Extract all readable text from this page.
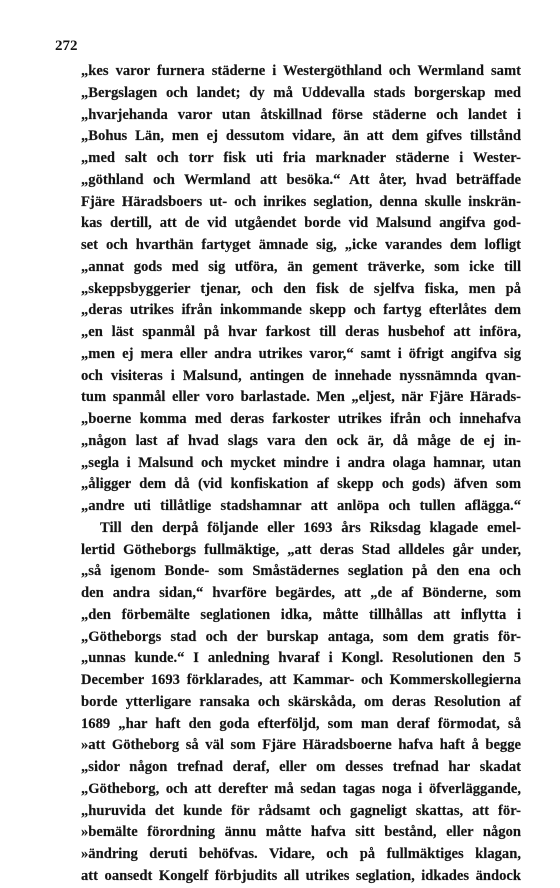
272

„kes varor furnera städerne i Westergöthland och Wermland samt
„Bergslagen och landet; dy må Uddevalla stads borgerskap med
„hvarjehanda varor utan åtskillnad förse städerne och landet i
„Bohus Län, men ej dessutom vidare, än att dem gifves tillstånd
„med salt och torr fisk uti fria marknader städerne i Wester-
„göthland och Wermland att besöka.“ Att åter, hvad beträffade
Fjäre Häradsboers ut- och inrikes seglation, denna skulle inskrän-
kas dertill, att de vid utgåendet borde vid Malsund angifva god-
set och hvarthän fartyget ämnade sig, „icke varandes dem lofligt
„annat gods med sig utföra, än gement träverke, som icke till
„skeppsbyggerier tjenar, och den fisk de sjelfva fiska, men på
„deras utrikes ifrån inkommande skepp och fartyg efterlåtes dem
„en läst spanmål på hvar farkost till deras husbehof att införa,
„men ej mera eller andra utrikes varor,“ samt i öfrigt angifva sig
och visiteras i Malsund, antingen de innehade nyssnämnda qvan-
tum spanmål eller voro barlastade. Men „eljest, när Fjäre Härads-
„boerne komma med deras farkoster utrikes ifrån och innehafva
„någon last af hvad slags vara den ock är, då måge de ej in-
„segla i Malsund och mycket mindre i andra olaga hamnar, utan
„åligger dem då (vid konfiskation af skepp och gods) äfven som
„andre uti tillåtlige stadshamnar att anlöpa och tullen afläggа.“
Till den derpå följande eller 1693 års Riksdag klagade emel-
lertid Götheborgs fullmäktige, „att deras Stad alldeles går under,
„så igenom Bonde- som Småstädernes seglation på den ena och
den andra sidan,“ hvarföre begärdes, att „de af Bönderne, som
„den förbemälte seglationen idka, måtte tillhållas att inflytta i
„Götheborgs stad och der burskap antaga, som dem gratis för-
„unnas kunde.“ I anledning hvaraf i Kongl. Resolutionen den 5
December 1693 förklarades, att Kammar- och Kommerskollegierna
borde ytterligare ransaka och skärskåda, om deras Resolution af
1689 „har haft den goda efterföljd, som man deraf förmodat, så
»att Götheborg så väl som Fjäre Häradsboerne hafva haft å begge
„sidor någon trefnad deraf, eller om desses trefnad har skadat
„Götheborg, och att derefter må sedan tagas noga i öfverläggande,
„huruvida det kunde för rådsamt och gagneligt skattas, att för-
»bemälte förordning ännu måtte hafva sitt bestånd, eller någon
»ändring deruti behöfvas. Vidare, och på fullmäktiges klagan,
att oansedt Kongelf förbjudits all utrikes seglation, idkades ändock
